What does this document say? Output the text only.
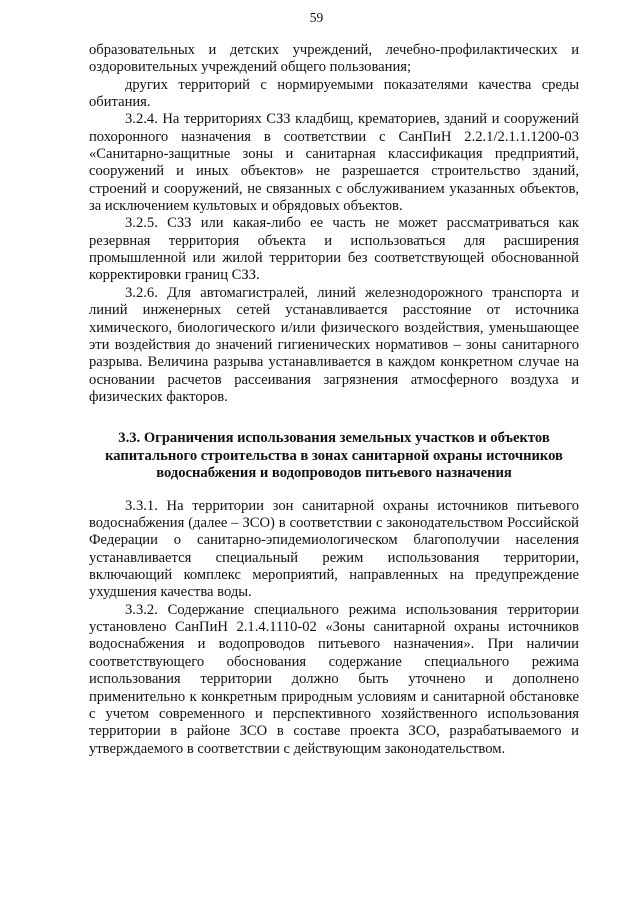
59

образовательных и детских учреждений, лечебно-профилактических и оздоровительных учреждений общего пользования;

других территорий с нормируемыми показателями качества среды обитания.

3.2.4. На территориях СЗЗ кладбищ, крематориев, зданий и сооружений похоронного назначения в соответствии с СанПиН 2.2.1/2.1.1.1200-03 «Санитарно-защитные зоны и санитарная классификация предприятий, сооружений и иных объектов» не разрешается строительство зданий, строений и сооружений, не связанных с обслуживанием указанных объектов, за исключением культовых и обрядовых объектов.

3.2.5. СЗЗ или какая-либо ее часть не может рассматриваться как резервная территория объекта и использоваться для расширения промышленной или жилой территории без соответствующей обоснованной корректировки границ СЗЗ.

3.2.6. Для автомагистралей, линий железнодорожного транспорта и линий инженерных сетей устанавливается расстояние от источника химического, биологического и/или физического воздействия, уменьшающее эти воздействия до значений гигиенических нормативов – зоны санитарного разрыва. Величина разрыва устанавливается в каждом конкретном случае на основании расчетов рассеивания загрязнения атмосферного воздуха и физических факторов.

3.3. Ограничения использования земельных участков и объектов капитального строительства в зонах санитарной охраны источников водоснабжения и водопроводов питьевого назначения

3.3.1. На территории зон санитарной охраны источников питьевого водоснабжения (далее – ЗСО) в соответствии с законодательством Российской Федерации о санитарно-эпидемиологическом благополучии населения устанавливается специальный режим использования территории, включающий комплекс мероприятий, направленных на предупреждение ухудшения качества воды.

3.3.2. Содержание специального режима использования территории установлено СанПиН 2.1.4.1110-02 «Зоны санитарной охраны источников водоснабжения и водопроводов питьевого назначения». При наличии соответствующего обоснования содержание специального режима использования территории должно быть уточнено и дополнено применительно к конкретным природным условиям и санитарной обстановке с учетом современного и перспективного хозяйственного использования территории в районе ЗСО в составе проекта ЗСО, разрабатываемого и утверждаемого в соответствии с действующим законодательством.
